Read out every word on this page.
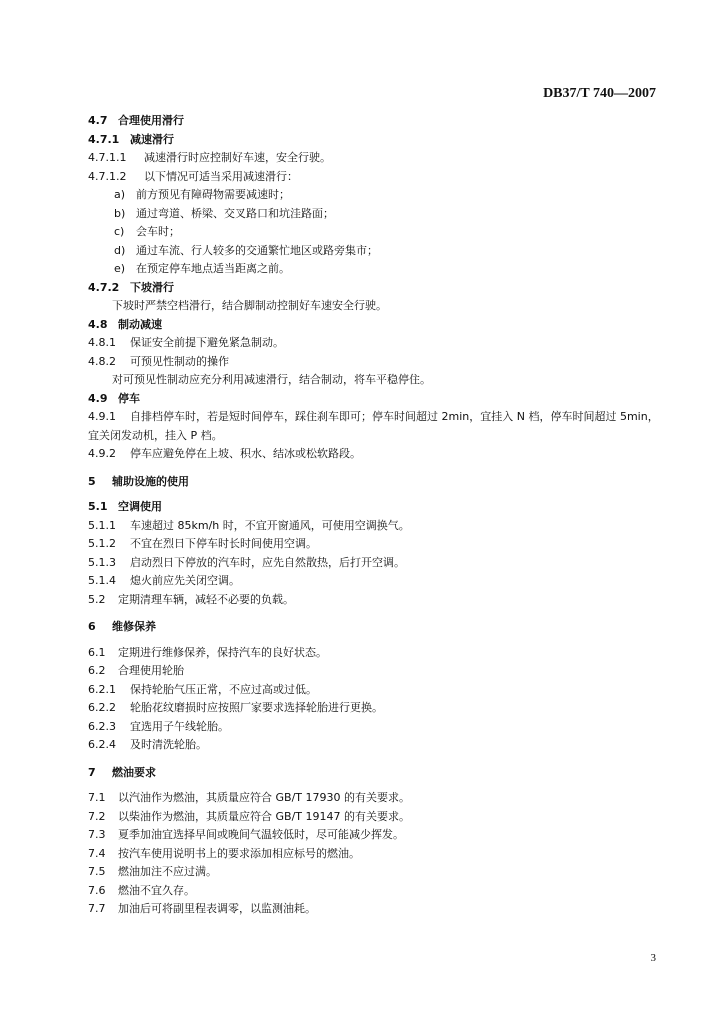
DB37/T 740—2007
4.7 合理使用滑行
4.7.1 减速滑行
4.7.1.1 减速滑行时应控制好车速，安全行驶。
4.7.1.2 以下情况可适当采用减速滑行：
a) 前方预见有障碍物需要减速时；
b) 通过弯道、桥梁、交叉路口和坑洼路面；
c) 会车时；
d) 通过车流、行人较多的交通繁忙地区或路旁集市；
e) 在预定停车地点适当距离之前。
4.7.2 下坡滑行
下坡时严禁空档滑行，结合脚制动控制好车速安全行驶。
4.8 制动减速
4.8.1 保证安全前提下避免紧急制动。
4.8.2 可预见性制动的操作
对可预见性制动应充分利用减速滑行，结合制动，将车平稳停住。
4.9 停车
4.9.1 自排档停车时，若是短时间停车，踩住刹车即可；停车时间超过 2min，宜挂入 N 档，停车时间超过 5min，宜关闭发动机，挂入 P 档。
4.9.2 停车应避免停在上坡、积水、结冰或松软路段。
5 辅助设施的使用
5.1 空调使用
5.1.1 车速超过 85km/h 时，不宜开窗通风，可使用空调换气。
5.1.2 不宜在烈日下停车时长时间使用空调。
5.1.3 启动烈日下停放的汽车时，应先自然散热，后打开空调。
5.1.4 熄火前应先关闭空调。
5.2 定期清理车辆，减轻不必要的负载。
6 维修保养
6.1 定期进行维修保养，保持汽车的良好状态。
6.2 合理使用轮胎
6.2.1 保持轮胎气压正常，不应过高或过低。
6.2.2 轮胎花纹磨损时应按照厂家要求选择轮胎进行更换。
6.2.3 宜选用子午线轮胎。
6.2.4 及时清洗轮胎。
7 燃油要求
7.1 以汽油作为燃油，其质量应符合 GB/T 17930 的有关要求。
7.2 以柴油作为燃油，其质量应符合 GB/T 19147 的有关要求。
7.3 夏季加油宜选择早间或晚间气温较低时，尽可能减少挥发。
7.4 按汽车使用说明书上的要求添加相应标号的燃油。
7.5 燃油加注不应过满。
7.6 燃油不宜久存。
7.7 加油后可将副里程表调零，以监测油耗。
3
